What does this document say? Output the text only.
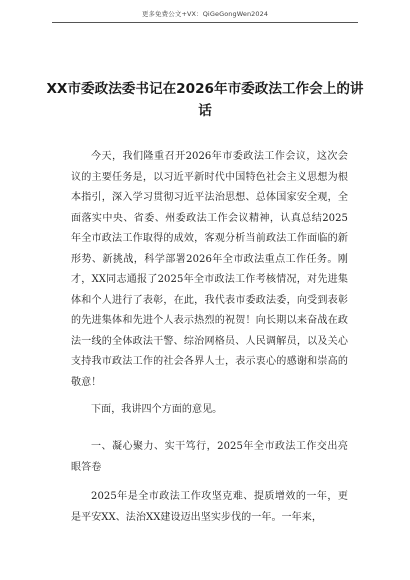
更多免费公文+VX：QiGeGongWen2024
XX市委政法委书记在2026年市委政法工作会上的讲话

今天，我们隆重召开2026年市委政法工作会议，这次会议的主要任务是，以习近平新时代中国特色社会主义思想为根本指引，深入学习贯彻习近平法治思想、总体国家安全观，全面落实中央、省委、州委政法工作会议精神，认真总结2025年全市政法工作取得的成效，客观分析当前政法工作面临的新形势、新挑战，科学部署2026年全市政法重点工作任务。刚才，XX同志通报了2025年全市政法工作考核情况，对先进集体和个人进行了表彰，在此，我代表市委政法委，向受到表彰的先进集体和先进个人表示热烈的祝贺！向长期以来奋战在政法一线的全体政法干警、综治网格员、人民调解员，以及关心支持我市政法工作的社会各界人士，表示衷心的感谢和崇高的敬意！

下面，我讲四个方面的意见。

一、凝心聚力、实干笃行，2025年全市政法工作交出亮眼答卷

2025年是全市政法工作攻坚克难、提质增效的一年，更是平安XX、法治XX建设迈出坚实步伐的一年。一年来，
